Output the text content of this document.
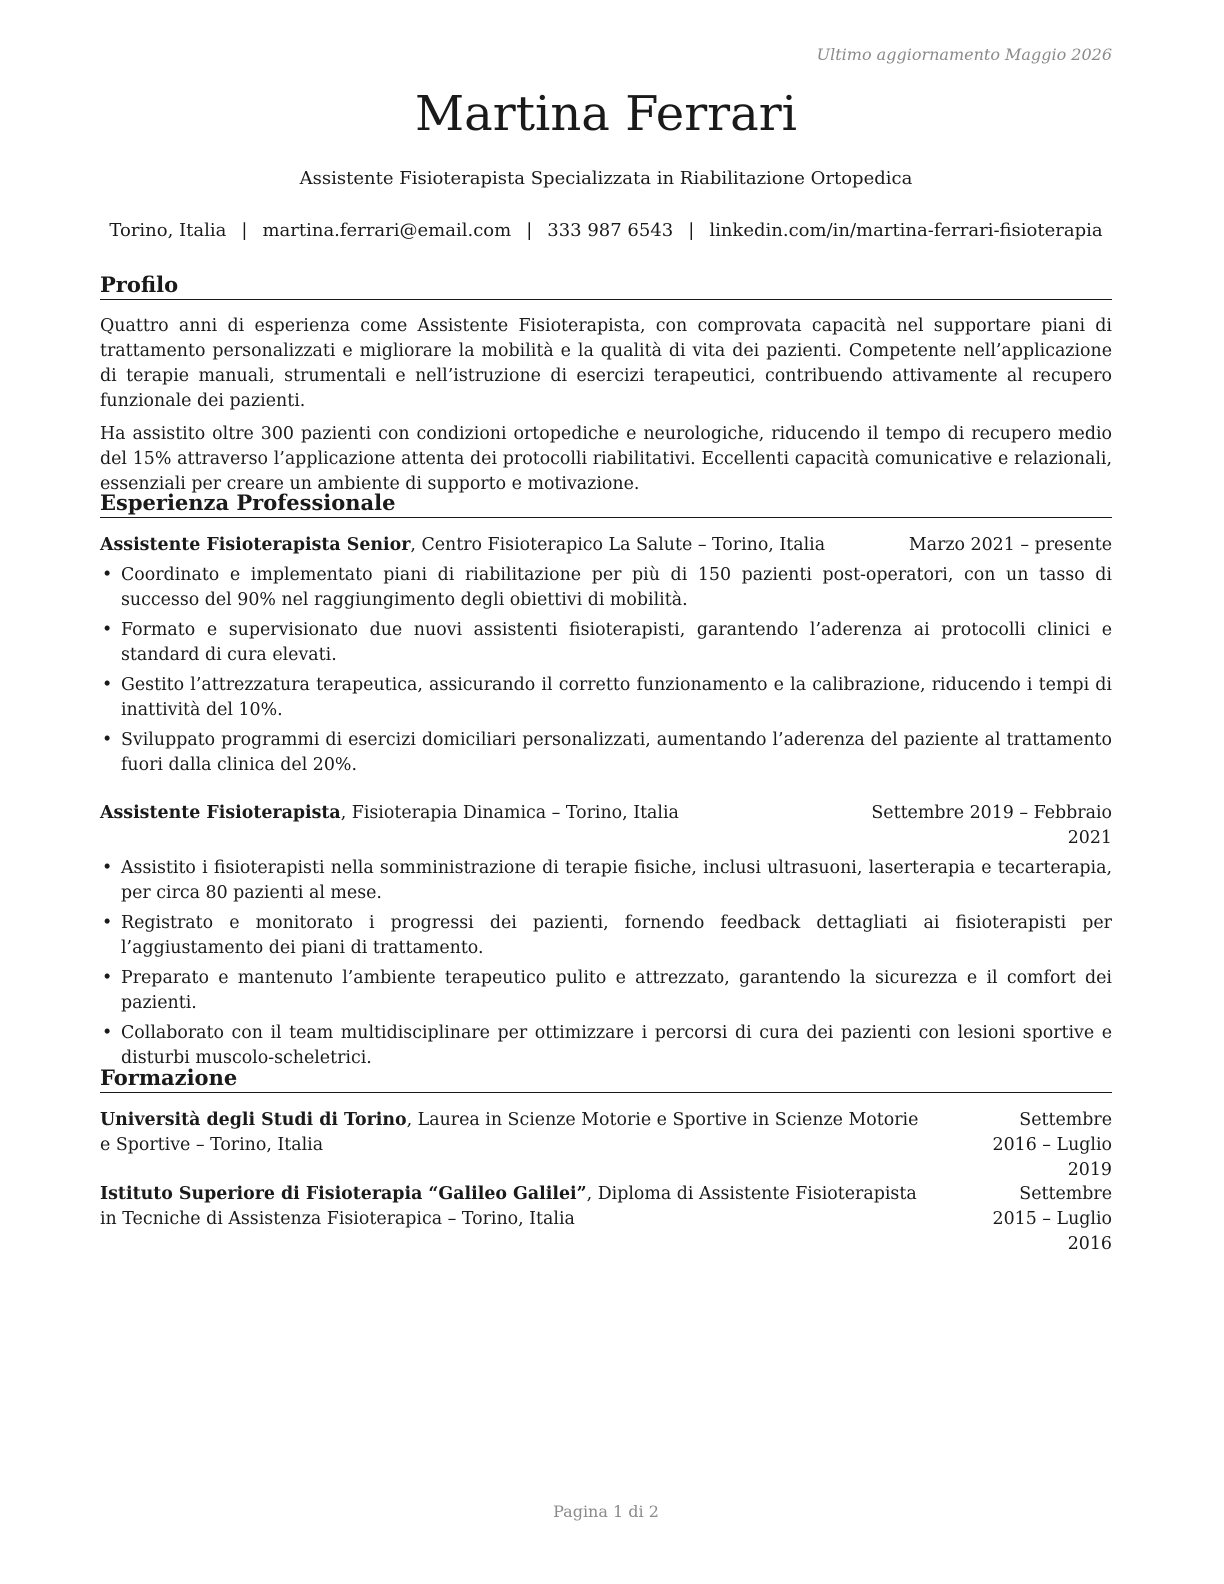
Ultimo aggiornamento Maggio 2026
Martina Ferrari
Assistente Fisioterapista Specializzata in Riabilitazione Ortopedica
Torino, Italia | martina.ferrari@email.com | 333 987 6543 | linkedin.com/in/martina-ferrari-fisioterapia
Profilo

Quattro anni di esperienza come Assistente Fisioterapista, con comprovata capacità nel supportare piani di trattamento personalizzati e migliorare la mobilità e la qualità di vita dei pazienti. Competente nell’applicazione di terapie manuali, strumentali e nell’istruzione di esercizi terapeutici, contribuendo attivamente al recupero funzionale dei pazienti.

Ha assistito oltre 300 pazienti con condizioni ortopediche e neurologiche, riducendo il tempo di recupero medio del 15% attraverso l’applicazione attenta dei protocolli riabilitativi. Eccellenti capacità comunicative e relazionali, essenziali per creare un ambiente di supporto e motivazione.

Esperienza Professionale
Assistente Fisioterapista Senior, Centro Fisioterapico La Salute – Torino, Italia	Marzo 2021 – presente
• Coordinato e implementato piani di riabilitazione per più di 150 pazienti post-operatori, con un tasso di successo del 90% nel raggiungimento degli obiettivi di mobilità.
• Formato e supervisionato due nuovi assistenti fisioterapisti, garantendo l’aderenza ai protocolli clinici e standard di cura elevati.
• Gestito l’attrezzatura terapeutica, assicurando il corretto funzionamento e la calibrazione, riducendo i tempi di inattività del 10%.
• Sviluppato programmi di esercizi domiciliari personalizzati, aumentando l’aderenza del paziente al trattamento fuori dalla clinica del 20%.
Assistente Fisioterapista, Fisioterapia Dinamica – Torino, Italia	Settembre 2019 – Febbraio
2021
• Assistito i fisioterapisti nella somministrazione di terapie fisiche, inclusi ultrasuoni, laserterapia e tecarterapia, per circa 80 pazienti al mese.
• Registrato e monitorato i progressi dei pazienti, fornendo feedback dettagliati ai fisioterapisti per l’aggiustamento dei piani di trattamento.
• Preparato e mantenuto l’ambiente terapeutico pulito e attrezzato, garantendo la sicurezza e il comfort dei pazienti.
• Collaborato con il team multidisciplinare per ottimizzare i percorsi di cura dei pazienti con lesioni sportive e disturbi muscolo-scheletrici.
Formazione
Università degli Studi di Torino, Laurea in Scienze Motorie e Sportive in Scienze Motorie
e Sportive – Torino, Italia
Settembre 2016 – Luglio
2019
Istituto Superiore di Fisioterapia “Galileo Galilei”, Diploma di Assistente Fisioterapista
in Tecniche di Assistenza Fisioterapica – Torino, Italia
Settembre 2015 – Luglio
2016
Pagina 1 di 2
